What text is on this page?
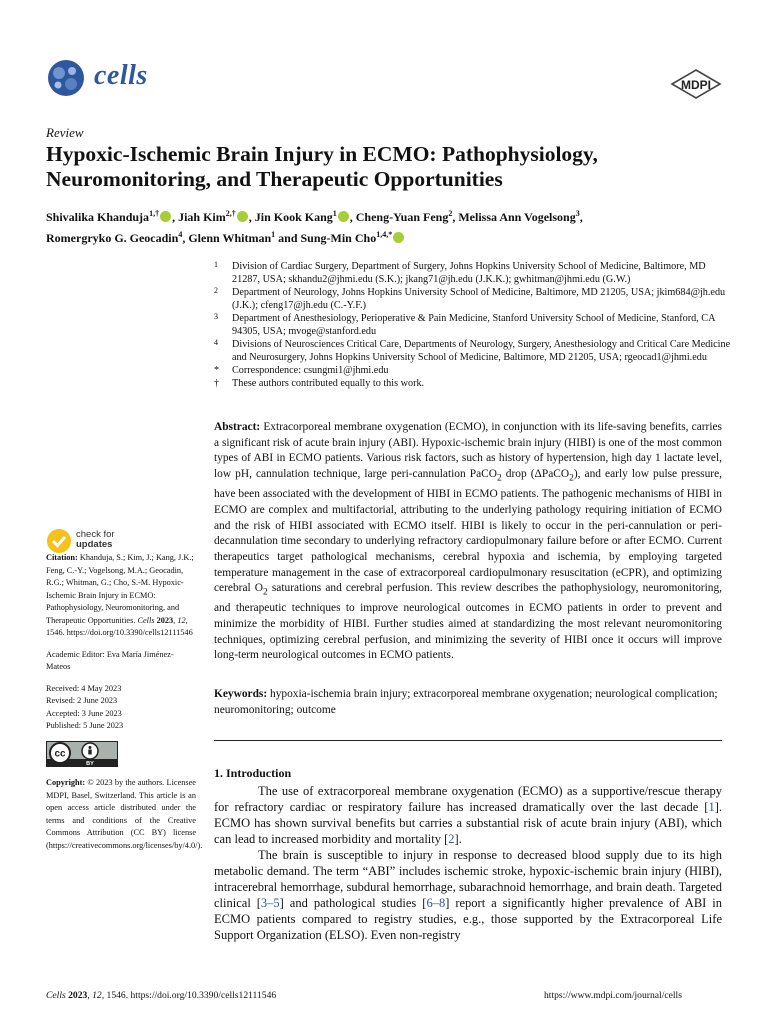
cells	MDPI
Review
Hypoxic-Ischemic Brain Injury in ECMO: Pathophysiology, Neuromonitoring, and Therapeutic Opportunities
Shivalika Khanduja$^{1,\dagger}$ , Jiah Kim$^{2,\dagger}$ , Jin Kook Kang$^1$ , Cheng-Yuan Feng$^2$, Melissa Ann Vogelsong$^3$,
Romergryko G. Geocadin$^4$, Glenn Whitman$^1$ and Sung-Min Cho$^{1,4,*}$
1 Division of Cardiac Surgery, Department of Surgery, Johns Hopkins University School of Medicine, Baltimore, MD 21287, USA; skhandu2@jhmi.edu (S.K.); jkang71@jh.edu (J.K.K.); gwhitman@jhmi.edu (G.W.)
2 Department of Neurology, Johns Hopkins University School of Medicine, Baltimore, MD 21205, USA; jkim684@jh.edu (J.K.); cfeng17@jh.edu (C.-Y.F.)
3 Department of Anesthesiology, Perioperative & Pain Medicine, Stanford University School of Medicine, Stanford, CA 94305, USA; mvoge@stanford.edu
4 Divisions of Neurosciences Critical Care, Departments of Neurology, Surgery, Anesthesiology and Critical Care Medicine and Neurosurgery, Johns Hopkins University School of Medicine, Baltimore, MD 21205, USA; rgeocad1@jhmi.edu
* Correspondence: csungmi1@jhmi.edu
† These authors contributed equally to this work.
Abstract: Extracorporeal membrane oxygenation (ECMO), in conjunction with its life-saving benefits, carries a significant risk of acute brain injury (ABI). Hypoxic-ischemic brain injury (HIBI) is one of the most common types of ABI in ECMO patients. Various risk factors, such as history of hypertension, high day 1 lactate level, low pH, cannulation technique, large peri-cannulation PaCO$_2$ drop (ΔPaCO$_2$), and early low pulse pressure, have been associated with the development of HIBI in ECMO patients. The pathogenic mechanisms of HIBI in ECMO are complex and multifactorial, attributing to the underlying pathology requiring initiation of ECMO and the risk of HIBI associated with ECMO itself. HIBI is likely to occur in the peri-cannulation or peri-decannulation time secondary to underlying refractory cardiopulmonary failure before or after ECMO. Current therapeutics target pathological mechanisms, cerebral hypoxia and ischemia, by employing targeted temperature management in the case of extracorporeal cardiopulmonary resuscitation (eCPR), and optimizing cerebral $O_2$ saturations and cerebral perfusion. This review describes the pathophysiology, neuromonitoring, and therapeutic techniques to improve neurological outcomes in ECMO patients in order to prevent and minimize the morbidity of HIBI. Further studies aimed at standardizing the most relevant neuromonitoring techniques, optimizing cerebral perfusion, and minimizing the severity of HIBI once it occurs will improve long-term neurological outcomes in ECMO patients.
Keywords: hypoxia-ischemia brain injury; extracorporeal membrane oxygenation; neurological complication; neuromonitoring; outcome
check for
updates

Citation: Khanduja, S.; Kim, J.; Kang, J.K.; Feng, C.-Y.; Vogelsong, M.A.; Geocadin, R.G.; Whitman, G.; Cho, S.-M. Hypoxic-Ischemic Brain Injury in ECMO: Pathophysiology, Neuromonitoring, and Therapeutic Opportunities. Cells 2023, 12, 1546. https://doi.org/10.3390/cells12111546

Academic Editor: Eva María Jiménez-Mateos

Received: 4 May 2023

Revised: 2 June 2023

Accepted: 3 June 2023

Published: 5 June 2023

cc
BY

Copyright: © 2023 by the authors. Licensee MDPI, Basel, Switzerland. This article is an open access article distributed under the terms and conditions of the Creative Commons Attribution (CC BY) license (https://creativecommons.org/licenses/by/4.0/).

1. Introduction

The use of extracorporeal membrane oxygenation (ECMO) as a supportive/rescue therapy for refractory cardiac or respiratory failure has increased dramatically over the last decade [1]. ECMO has shown survival benefits but carries a substantial risk of acute brain injury (ABI), which can lead to increased morbidity and mortality [2].

The brain is susceptible to injury in response to decreased blood supply due to its high metabolic demand. The term “ABI” includes ischemic stroke, hypoxic-ischemic brain injury (HIBI), intracerebral hemorrhage, subdural hemorrhage, subarachnoid hemorrhage, and brain death. Targeted clinical [3–5] and pathological studies [6–8] report a significantly higher prevalence of ABI in ECMO patients compared to registry studies, e.g., those supported by the Extracorporeal Life Support Organization (ELSO). Even non-registry

Cells 2023, 12, 1546. https://doi.org/10.3390/cells12111546	https://www.mdpi.com/journal/cells
